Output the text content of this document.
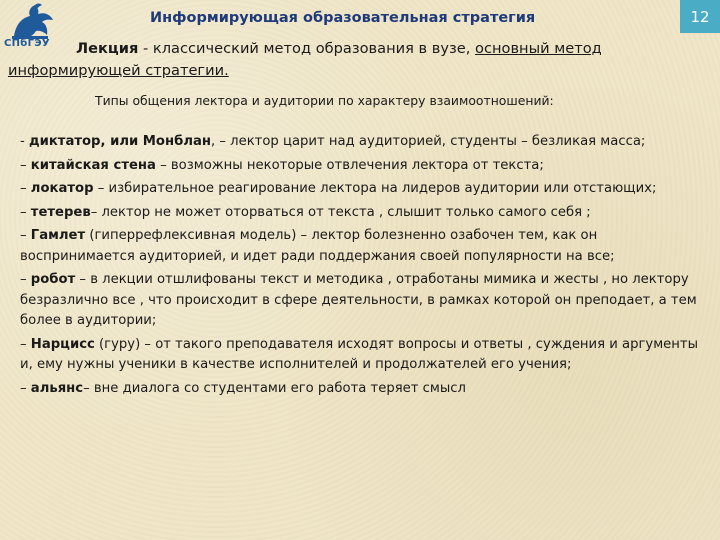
СПбГЭУ
Информирующая образовательная стратегия	12
Лекция - классический метод образования в вузе, основный метод информирующей стратегии.
Типы общения лектора и аудитории по характеру взаимоотношений:
- диктатор, или Монблан, – лектор царит над аудиторией, студенты – безликая масса;
– китайская стена – возможны некоторые отвлечения лектора от текста;
– локатор – избирательное реагирование лектора на лидеров аудитории или отстающих;
– тетерев– лектор не может оторваться от текста , слышит только самого себя ;
– Гамлет (гиперрефлексивная модель) – лектор болезненно озабочен тем, как он воспринимается аудиторией, и идет ради поддержания своей популярности на все;
– робот – в лекции отшлифованы текст и методика , отработаны мимика и жесты , но лектору безразлично все , что происходит в сфере деятельности, в рамках которой он преподает, а тем более в аудитории;
– Нарцисс (гуру) – от такого преподавателя исходят вопросы и ответы , суждения и аргументы и, ему нужны ученики в качестве исполнителей и продолжателей его учения;
– альянс– вне диалога со студентами его работа теряет смысл
